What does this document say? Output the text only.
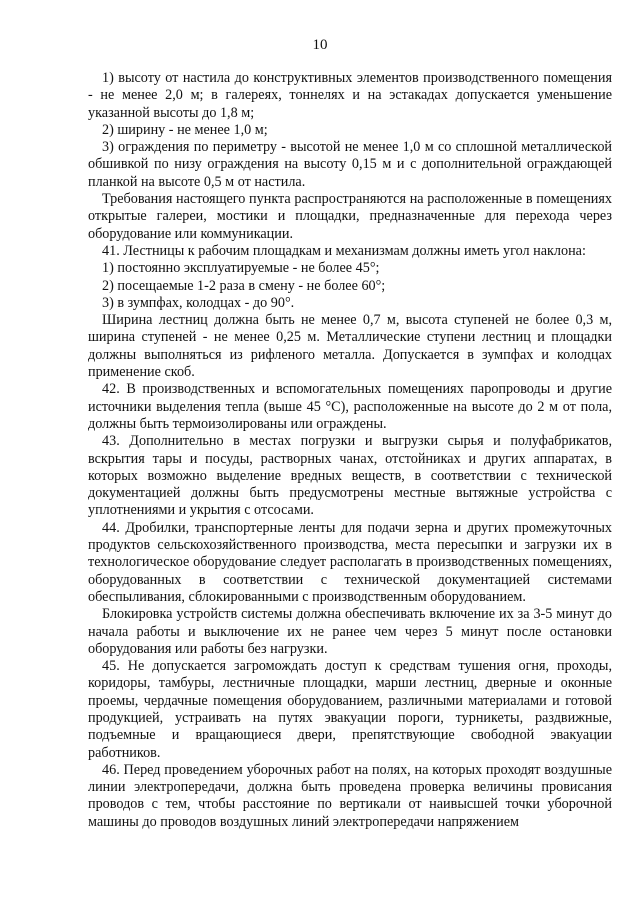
10

1) высоту от настила до конструктивных элементов производственного помещения - не менее 2,0 м; в галереях, тоннелях и на эстакадах допускается уменьшение указанной высоты до 1,8 м;

2) ширину - не менее 1,0 м;

3) ограждения по периметру - высотой не менее 1,0 м со сплошной металлической обшивкой по низу ограждения на высоту 0,15 м и с дополнительной ограждающей планкой на высоте 0,5 м от настила.

Требования настоящего пункта распространяются на расположенные в помещениях открытые галереи, мостики и площадки, предназначенные для перехода через оборудование или коммуникации.

41. Лестницы к рабочим площадкам и механизмам должны иметь угол наклона:

1) постоянно эксплуатируемые - не более 45°;

2) посещаемые 1-2 раза в смену - не более 60°;

3) в зумпфах, колодцах - до 90°.

Ширина лестниц должна быть не менее 0,7 м, высота ступеней не более 0,3 м, ширина ступеней - не менее 0,25 м. Металлические ступени лестниц и площадки должны выполняться из рифленого металла. Допускается в зумпфах и колодцах применение скоб.

42. В производственных и вспомогательных помещениях паропроводы и другие источники выделения тепла (выше 45 °С), расположенные на высоте до 2 м от пола, должны быть термоизолированы или ограждены.

43. Дополнительно в местах погрузки и выгрузки сырья и полуфабрикатов, вскрытия тары и посуды, растворных чанах, отстойниках и других аппаратах, в которых возможно выделение вредных веществ, в соответствии с технической документацией должны быть предусмотрены местные вытяжные устройства с уплотнениями и укрытия с отсосами.

44. Дробилки, транспортерные ленты для подачи зерна и других промежуточных продуктов сельскохозяйственного производства, места пересыпки и загрузки их в технологическое оборудование следует располагать в производственных помещениях, оборудованных в соответствии с технической документацией системами обеспыливания, сблокированными с производственным оборудованием.

Блокировка устройств системы должна обеспечивать включение их за 3-5 минут до начала работы и выключение их не ранее чем через 5 минут после остановки оборудования или работы без нагрузки.

45. Не допускается загромождать доступ к средствам тушения огня, проходы, коридоры, тамбуры, лестничные площадки, марши лестниц, дверные и оконные проемы, чердачные помещения оборудованием, различными материалами и готовой продукцией, устраивать на путях эвакуации пороги, турникеты, раздвижные, подъемные и вращающиеся двери, препятствующие свободной эвакуации работников.

46. Перед проведением уборочных работ на полях, на которых проходят воздушные линии электропередачи, должна быть проведена проверка величины провисания проводов с тем, чтобы расстояние по вертикали от наивысшей точки уборочной машины до проводов воздушных линий электропередачи напряжением
